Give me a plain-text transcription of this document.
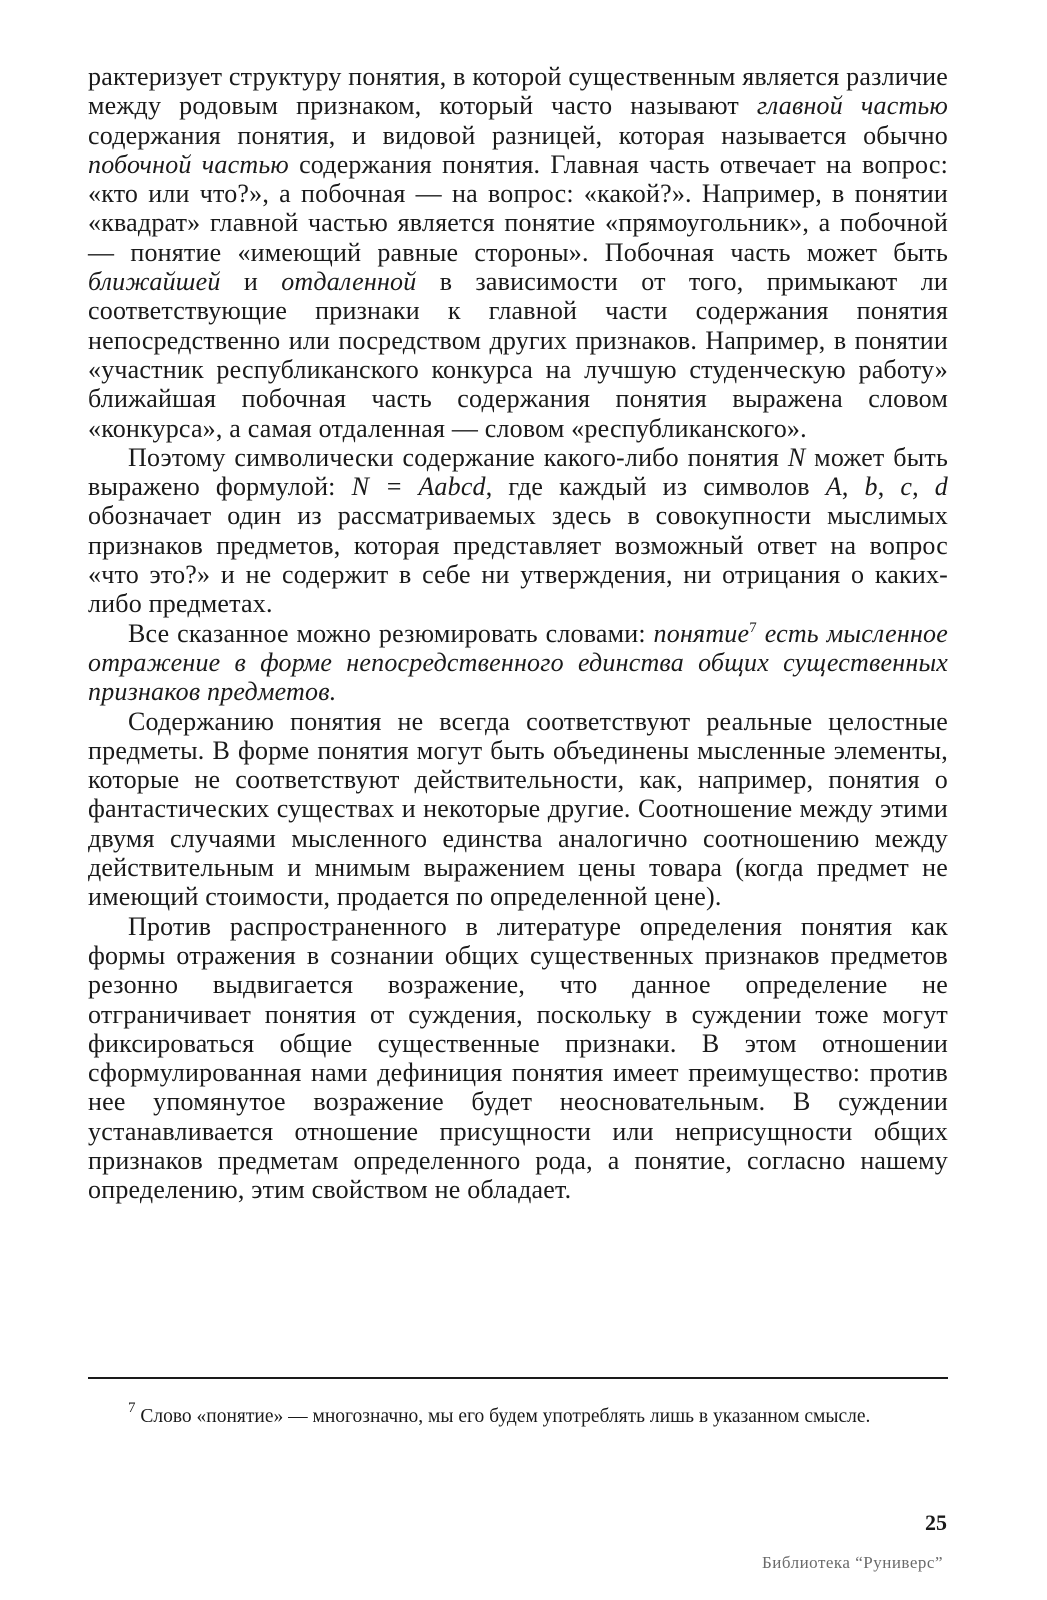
рактеризует структуру понятия, в которой существенным является различие между родовым признаком, который часто называют главной частью содержания понятия, и видовой разницей, которая называется обычно побочной частью содержания понятия. Главная часть отвечает на вопрос: «кто или что?», а побочная — на вопрос: «какой?». Например, в понятии «квадрат» главной частью является понятие «прямоугольник», а побочной — понятие «имеющий равные стороны». Побочная часть может быть ближайшей и отдаленной в зависимости от того, примыкают ли соответствующие признаки к главной части содержания понятия непосредственно или посредством других признаков. Например, в понятии «участник республиканского конкурса на лучшую студенческую работу» ближайшая побочная часть содержания понятия выражена словом «конкурса», а самая отдаленная — словом «республиканского».

Поэтому символически содержание какого-либо понятия N может быть выражено формулой: N = Aabcd, где каждый из символов A, b, c, d обозначает один из рассматриваемых здесь в совокупности мыслимых признаков предметов, которая представляет возможный ответ на вопрос «что это?» и не содержит в себе ни утверждения, ни отрицания о каких-либо предметах.

Все сказанное можно резюмировать словами: понятие$^7$ есть мысленное отражение в форме непосредственного единства общих существенных признаков предметов.

Содержанию понятия не всегда соответствуют реальные целостные предметы. В форме понятия могут быть объединены мысленные элементы, которые не соответствуют действительности, как, например, понятия о фантастических существах и некоторые другие. Соотношение между этими двумя случаями мысленного единства аналогично соотношению между действительным и мнимым выражением цены товара (когда предмет не имеющий стоимости, продается по определенной цене).

Против распространенного в литературе определения понятия как формы отражения в сознании общих существенных признаков предметов резонно выдвигается возражение, что данное определение не отграничивает понятия от суждения, поскольку в суждении тоже могут фиксироваться общие существенные признаки. В этом отношении сформулированная нами дефиниция понятия имеет преимущество: против нее упомянутое возражение будет неосновательным. В суждении устанавливается отношение присущности или неприсущности общих признаков предметам определенного рода, а понятие, согласно нашему определению, этим свойством не обладает.

$^7$ Слово «понятие» — многозначно, мы его будем употреблять лишь в указанном смысле.

25
Библиотека “Руниверс”
